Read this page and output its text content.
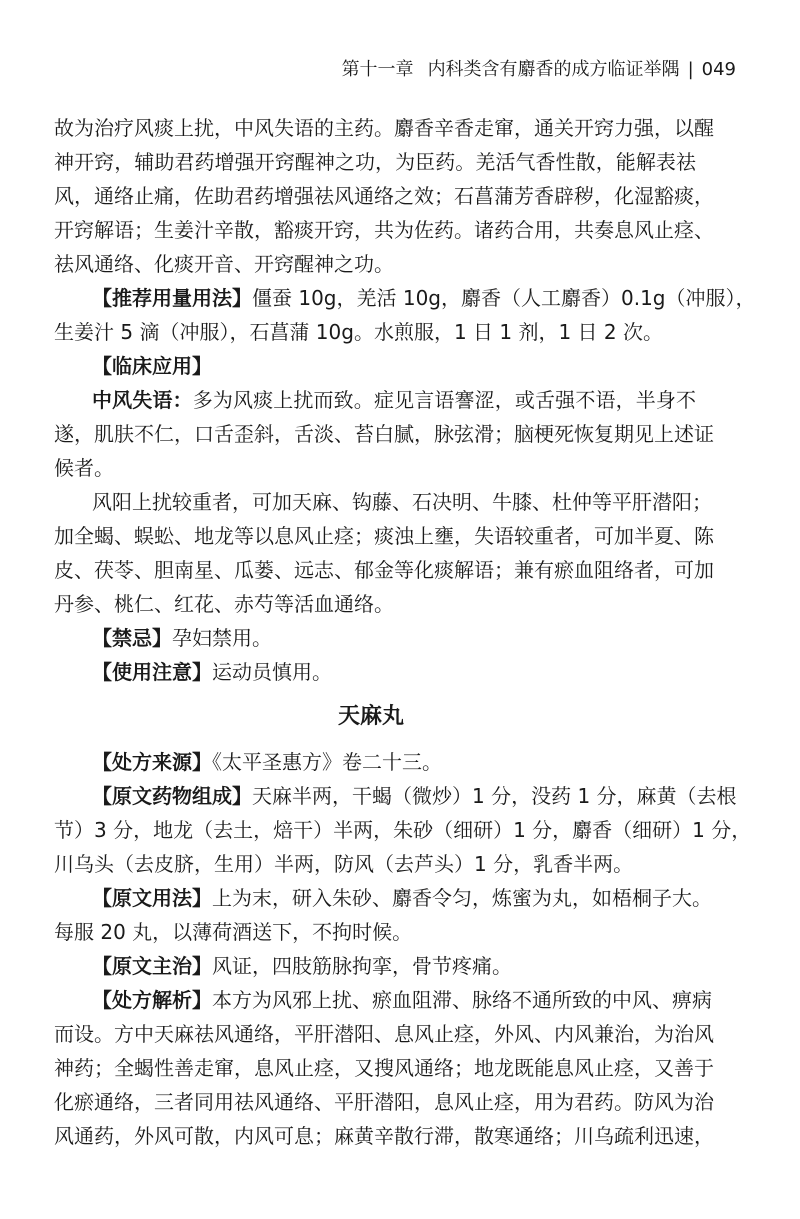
第十一章 内科类含有麝香的成方临证举隅 | 049
故为治疗风痰上扰，中风失语的主药。麝香辛香走窜，通关开窍力强，以醒
神开窍，辅助君药增强开窍醒神之功，为臣药。羌活气香性散，能解表祛
风，通络止痛，佐助君药增强祛风通络之效；石菖蒲芳香辟秽，化湿豁痰，
开窍解语；生姜汁辛散，豁痰开窍，共为佐药。诸药合用，共奏息风止痉、
祛风通络、化痰开音、开窍醒神之功。
【推荐用量用法】僵蚕 10g，羌活 10g，麝香（人工麝香）0.1g（冲服），
生姜汁 5 滴（冲服），石菖蒲 10g。水煎服，1 日 1 剂，1 日 2 次。
【临床应用】
中风失语：多为风痰上扰而致。症见言语謇涩，或舌强不语，半身不
遂，肌肤不仁，口舌歪斜，舌淡、苔白腻，脉弦滑；脑梗死恢复期见上述证
候者。
风阳上扰较重者，可加天麻、钩藤、石决明、牛膝、杜仲等平肝潜阳；
加全蝎、蜈蚣、地龙等以息风止痉；痰浊上壅，失语较重者，可加半夏、陈
皮、茯苓、胆南星、瓜蒌、远志、郁金等化痰解语；兼有瘀血阻络者，可加
丹参、桃仁、红花、赤芍等活血通络。
【禁忌】孕妇禁用。
【使用注意】运动员慎用。
天麻丸
【处方来源】《太平圣惠方》卷二十三。
【原文药物组成】天麻半两，干蝎（微炒）1 分，没药 1 分，麻黄（去根
节）3 分，地龙（去土，焙干）半两，朱砂（细研）1 分，麝香（细研）1 分，
川乌头（去皮脐，生用）半两，防风（去芦头）1 分，乳香半两。
【原文用法】上为末，研入朱砂、麝香令匀，炼蜜为丸，如梧桐子大。
每服 20 丸，以薄荷酒送下，不拘时候。
【原文主治】风证，四肢筋脉拘挛，骨节疼痛。
【处方解析】本方为风邪上扰、瘀血阻滞、脉络不通所致的中风、痹病
而设。方中天麻祛风通络，平肝潜阳、息风止痉，外风、内风兼治，为治风
神药；全蝎性善走窜，息风止痉，又搜风通络；地龙既能息风止痉，又善于
化瘀通络，三者同用祛风通络、平肝潜阳，息风止痉，用为君药。防风为治
风通药，外风可散，内风可息；麻黄辛散行滞，散寒通络；川乌疏利迅速，
